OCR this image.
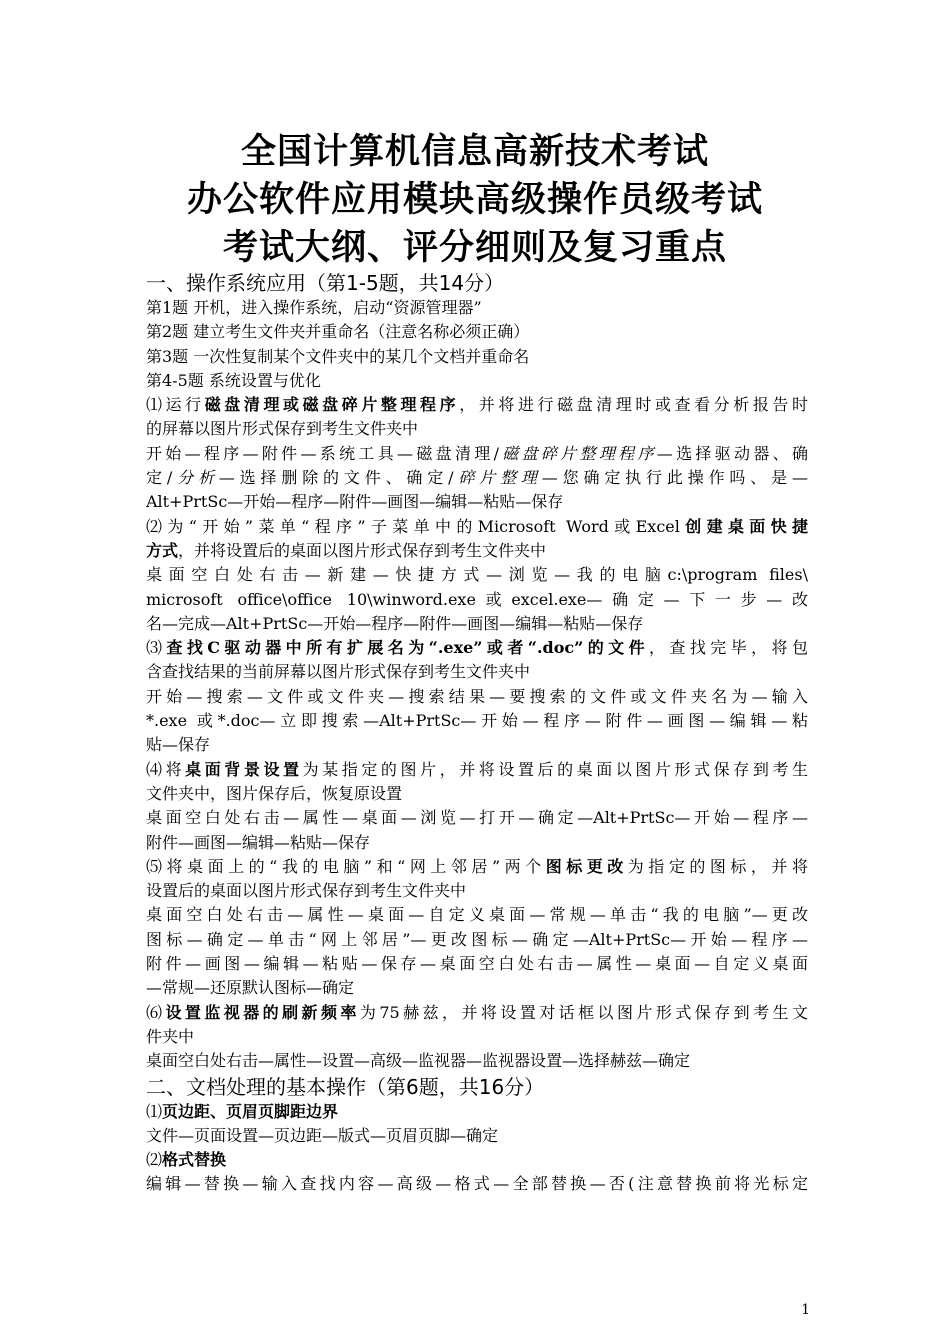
全国计算机信息高新技术考试
办公软件应用模块高级操作员级考试
考试大纲、评分细则及复习重点
一、操作系统应用（第1-5题，共14分）
第1题 开机，进入操作系统，启动“资源管理器”
第2题 建立考生文件夹并重命名（注意名称必须正确）
第3题 一次性复制某个文件夹中的某几个文档并重命名
第4-5题 系统设置与优化
⑴运行磁盘清理或磁盘碎片整理程序，并将进行磁盘清理时或查看分析报告时
的屏幕以图片形式保存到考生文件夹中
开始—程序—附件—系统工具—磁盘清理/磁盘碎片整理程序—选择驱动器、确
定/分析—选择删除的文件、确定/碎片整理—您确定执行此操作吗、是—
Alt+PrtSc—开始—程序—附件—画图—编辑—粘贴—保存
⑵为“开始”菜单“程序”子菜单中的Microsoft Word或Excel创建桌面快捷
方式，并将设置后的桌面以图片形式保存到考生文件夹中
桌面空白处右击—新建—快捷方式—浏览—我的电脑c:\program files\
microsoft office\office 10\winword.exe或excel.exe—确定—下一步—改
名—完成—Alt+PrtSc—开始—程序—附件—画图—编辑—粘贴—保存
⑶查找C驱动器中所有扩展名为“.exe”或者“.doc”的文件，查找完毕，将包
含查找结果的当前屏幕以图片形式保存到考生文件夹中
开始—搜索—文件或文件夹—搜索结果—要搜索的文件或文件夹名为—输入
*.exe 或*.doc—立即搜索—Alt+PrtSc—开始—程序—附件—画图—编辑—粘
贴—保存
⑷将桌面背景设置为某指定的图片，并将设置后的桌面以图片形式保存到考生
文件夹中，图片保存后，恢复原设置
桌面空白处右击—属性—桌面—浏览—打开—确定—Alt+PrtSc—开始—程序—
附件—画图—编辑—粘贴—保存
⑸将桌面上的“我的电脑”和“网上邻居”两个图标更改为指定的图标，并将
设置后的桌面以图片形式保存到考生文件夹中
桌面空白处右击—属性—桌面—自定义桌面—常规—单击“我的电脑”—更改
图标—确定—单击“网上邻居”—更改图标—确定—Alt+PrtSc—开始—程序—
附件—画图—编辑—粘贴—保存—桌面空白处右击—属性—桌面—自定义桌面
—常规—还原默认图标—确定
⑹设置监视器的刷新频率为75赫兹，并将设置对话框以图片形式保存到考生文
件夹中
桌面空白处右击—属性—设置—高级—监视器—监视器设置—选择赫兹—确定
二、文档处理的基本操作（第6题，共16分）
⑴页边距、页眉页脚距边界
文件—页面设置—页边距—版式—页眉页脚—确定
⑵格式替换
编辑—替换—输入查找内容—高级—格式—全部替换—否(注意替换前将光标定
1
